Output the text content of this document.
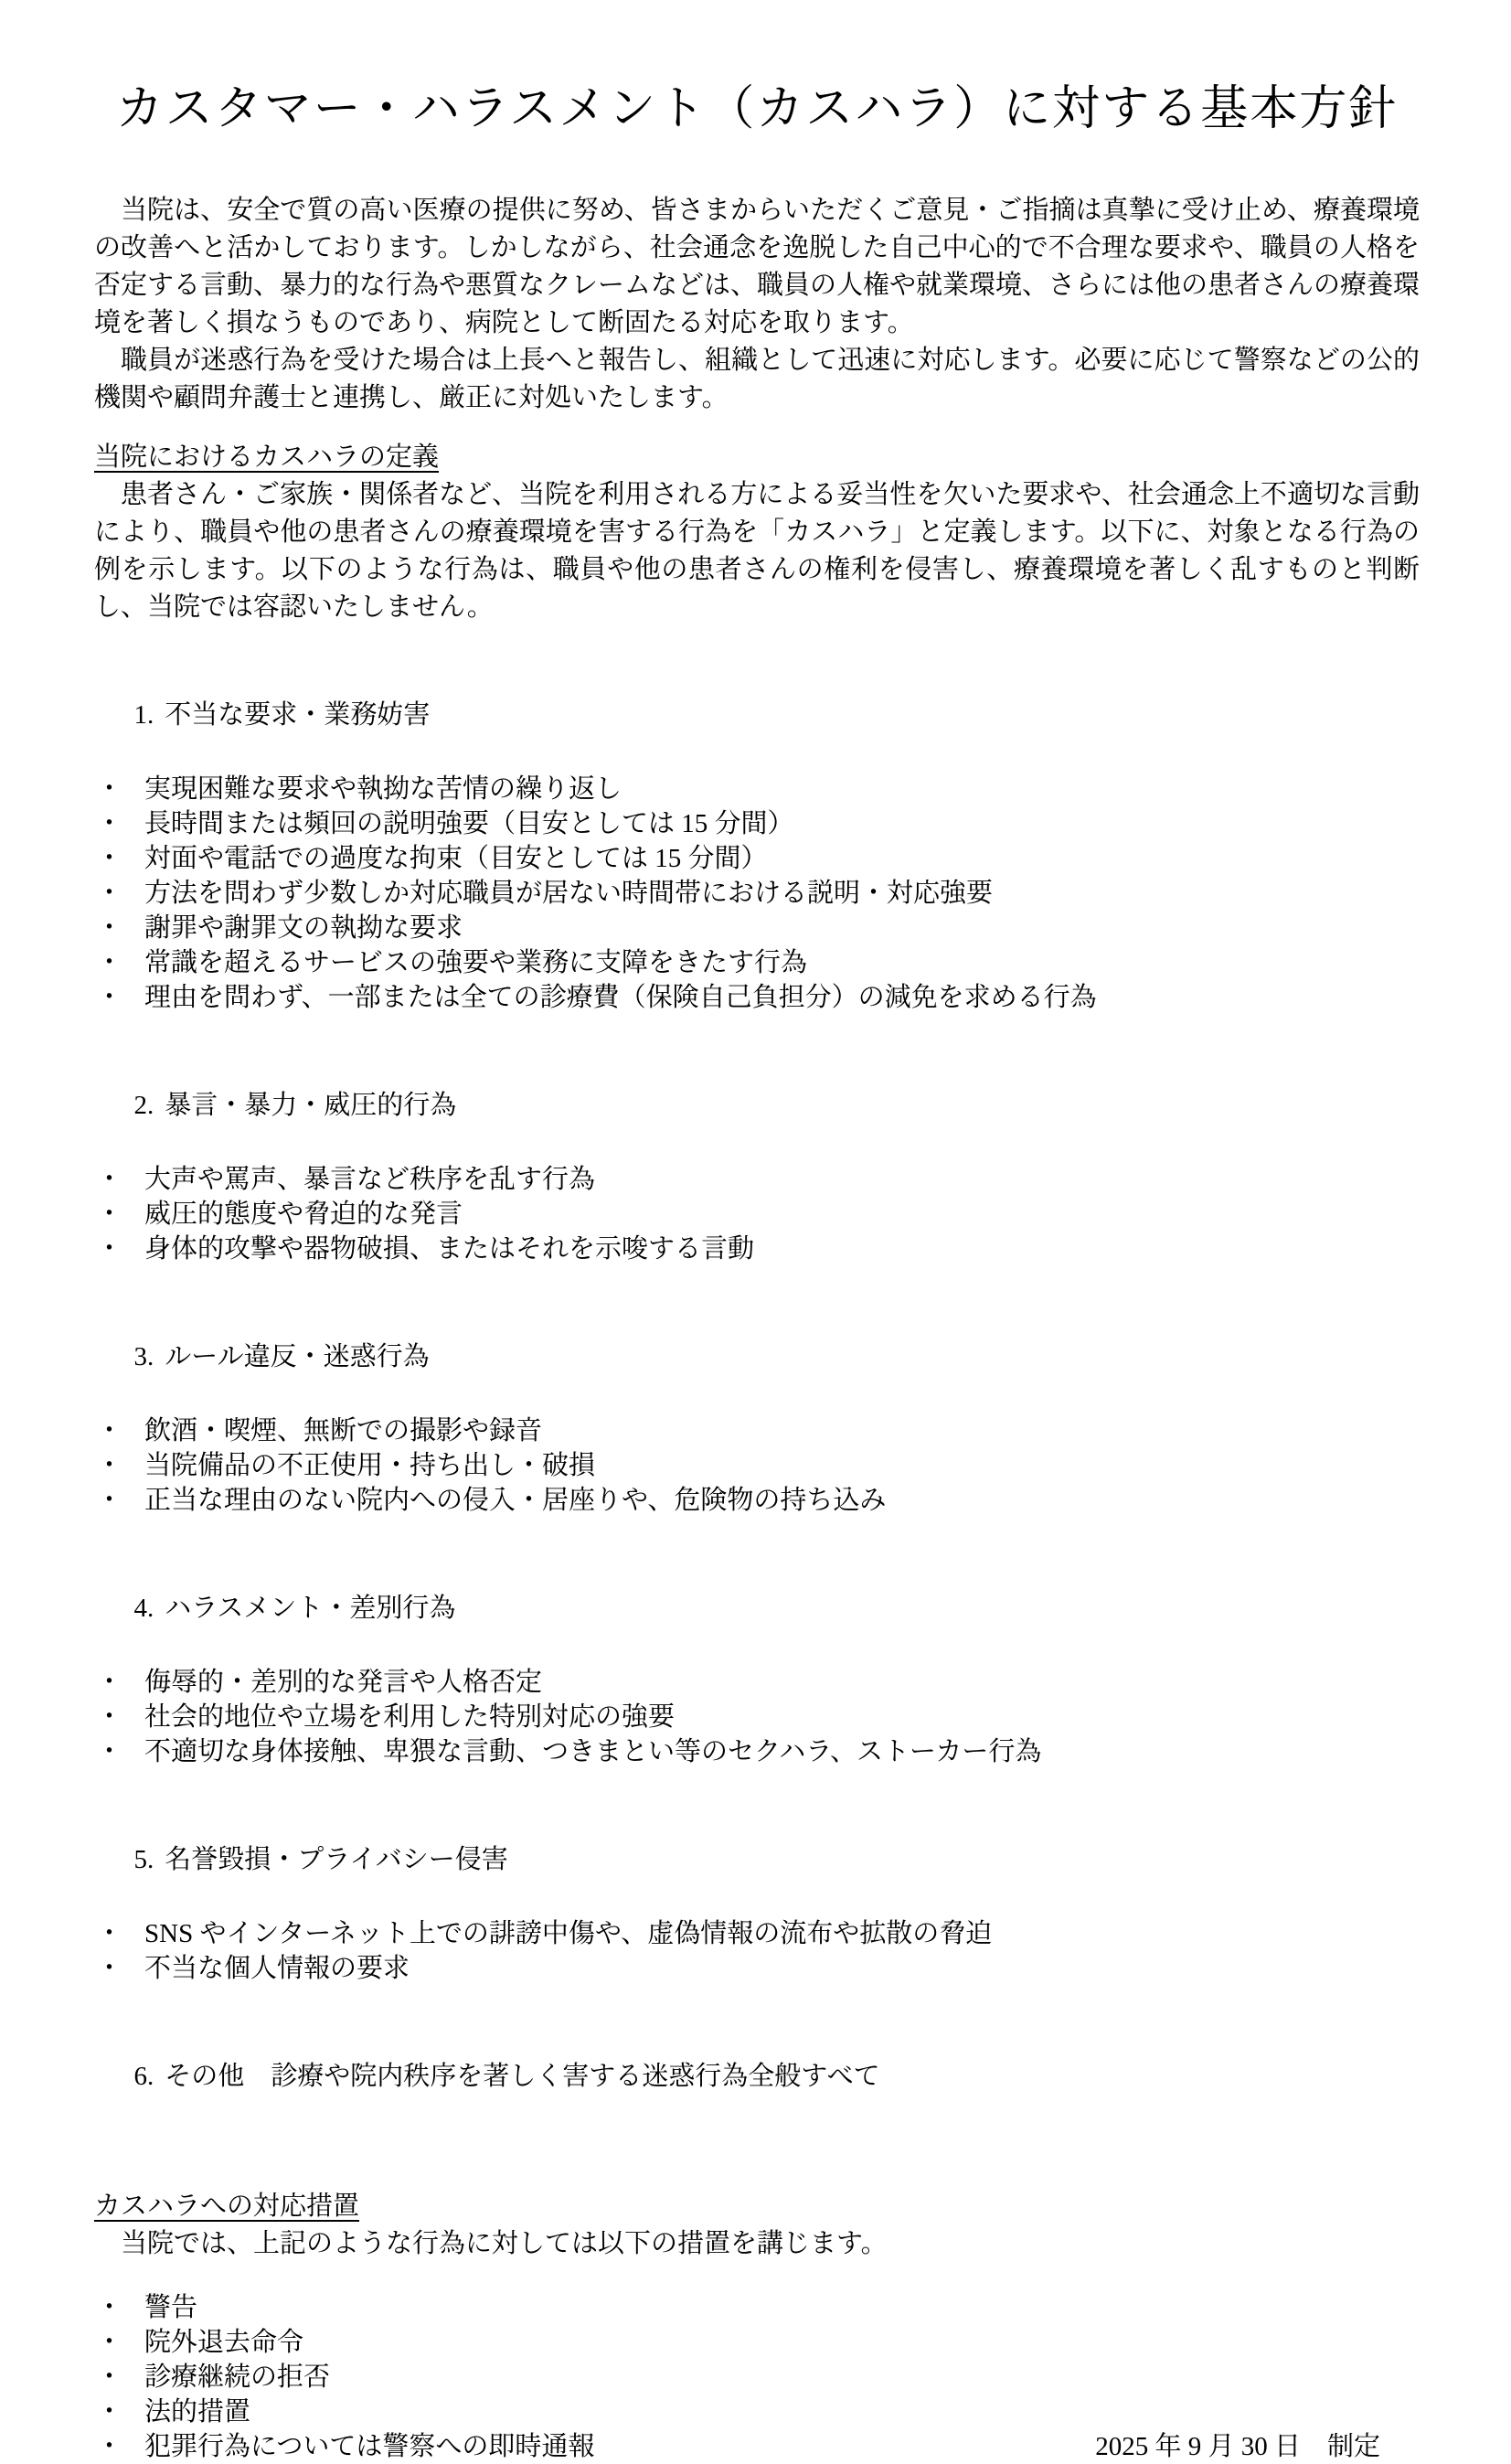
カスタマー・ハラスメント（カスハラ）に対する基本方針

当院は、安全で質の高い医療の提供に努め、皆さまからいただくご意見・ご指摘は真摯に受け止め、療養環境の改善へと活かしております。しかしながら、社会通念を逸脱した自己中心的で不合理な要求や、職員の人格を否定する言動、暴力的な行為や悪質なクレームなどは、職員の人権や就業環境、さらには他の患者さんの療養環境を著しく損なうものであり、病院として断固たる対応を取ります。

職員が迷惑行為を受けた場合は上長へと報告し、組織として迅速に対応します。必要に応じて警察などの公的機関や顧問弁護士と連携し、厳正に対処いたします。

当院におけるカスハラの定義

患者さん・ご家族・関係者など、当院を利用される方による妥当性を欠いた要求や、社会通念上不適切な言動により、職員や他の患者さんの療養環境を害する行為を「カスハラ」と定義します。以下に、対象となる行為の例を示します。以下のような行為は、職員や他の患者さんの権利を侵害し、療養環境を著しく乱すものと判断し、当院では容認いたしません。

1. 不当な要求・業務妨害

・ 実現困難な要求や執拗な苦情の繰り返し
・ 長時間または頻回の説明強要（目安としては 15 分間）
・ 対面や電話での過度な拘束（目安としては 15 分間）
・ 方法を問わず少数しか対応職員が居ない時間帯における説明・対応強要
・ 謝罪や謝罪文の執拗な要求
・ 常識を超えるサービスの強要や業務に支障をきたす行為
・ 理由を問わず、一部または全ての診療費（保険自己負担分）の減免を求める行為

2. 暴言・暴力・威圧的行為

・ 大声や罵声、暴言など秩序を乱す行為
・ 威圧的態度や脅迫的な発言
・ 身体的攻撃や器物破損、またはそれを示唆する言動

3. ルール違反・迷惑行為

・ 飲酒・喫煙、無断での撮影や録音
・ 当院備品の不正使用・持ち出し・破損
・ 正当な理由のない院内への侵入・居座りや、危険物の持ち込み

4. ハラスメント・差別行為

・ 侮辱的・差別的な発言や人格否定
・ 社会的地位や立場を利用した特別対応の強要
・ 不適切な身体接触、卑猥な言動、つきまとい等のセクハラ、ストーカー行為

5. 名誉毀損・プライバシー侵害

・ SNS やインターネット上での誹謗中傷や、虚偽情報の流布や拡散の脅迫
・ 不当な個人情報の要求

6. その他　診療や院内秩序を著しく害する迷惑行為全般すべて

カスハラへの対応措置

当院では、上記のような行為に対しては以下の措置を講じます。

・ 警告
・ 院外退去命令
・ 診療継続の拒否
・ 法的措置
・ 犯罪行為については警察への即時通報	2025 年 9 月 30 日　制定
